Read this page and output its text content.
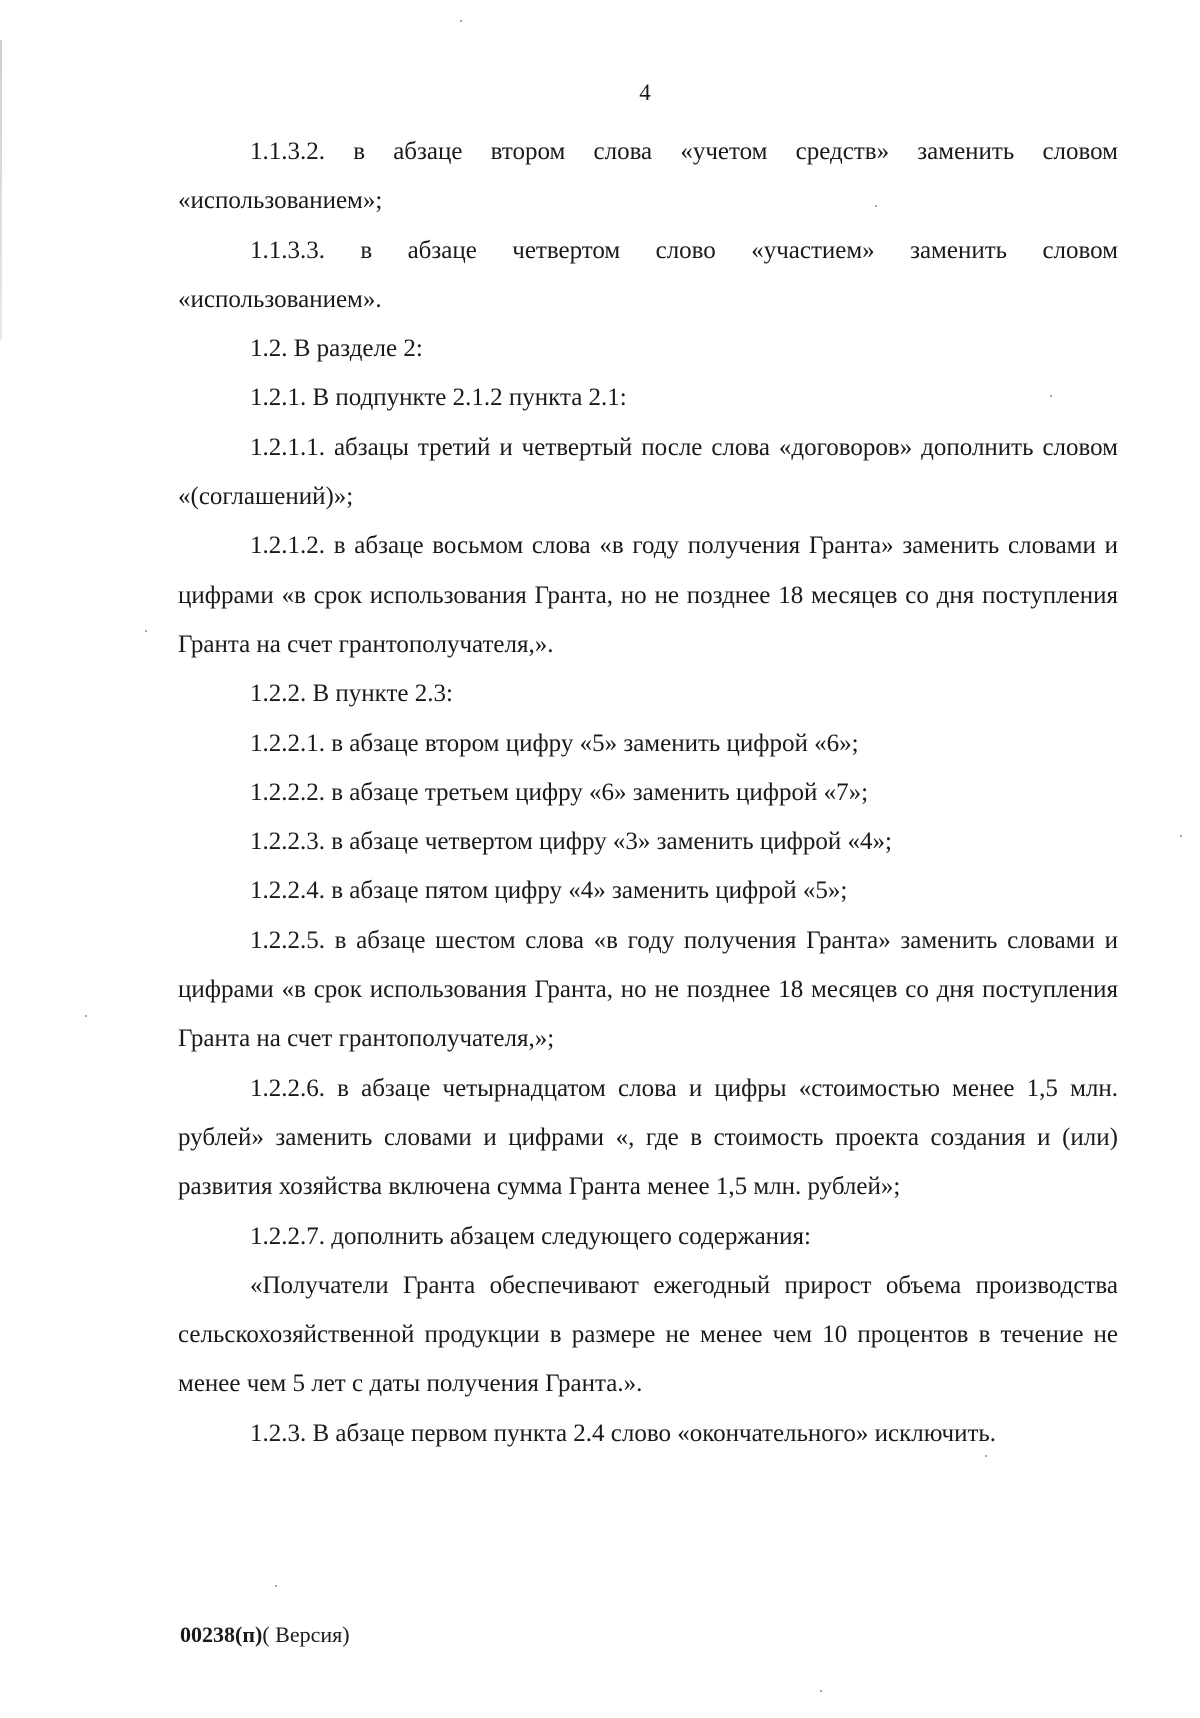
4

1.1.3.2. в абзаце втором слова «учетом средств» заменить словом «использованием»;

1.1.3.3. в абзаце четвертом слово «участием» заменить словом «использованием».

1.2. В разделе 2:

1.2.1. В подпункте 2.1.2 пункта 2.1:

1.2.1.1. абзацы третий и четвертый после слова «договоров» дополнить словом «(соглашений)»;

1.2.1.2. в абзаце восьмом слова «в году получения Гранта» заменить словами и цифрами «в срок использования Гранта, но не позднее 18 месяцев со дня поступления Гранта на счет грантополучателя,».

1.2.2. В пункте 2.3:

1.2.2.1. в абзаце втором цифру «5» заменить цифрой «6»;

1.2.2.2. в абзаце третьем цифру «6» заменить цифрой «7»;

1.2.2.3. в абзаце четвертом цифру «3» заменить цифрой «4»;

1.2.2.4. в абзаце пятом цифру «4» заменить цифрой «5»;

1.2.2.5. в абзаце шестом слова «в году получения Гранта» заменить словами и цифрами «в срок использования Гранта, но не позднее 18 месяцев со дня поступления Гранта на счет грантополучателя,»;

1.2.2.6. в абзаце четырнадцатом слова и цифры «стоимостью менее 1,5 млн. рублей» заменить словами и цифрами «, где в стоимость проекта создания и (или) развития хозяйства включена сумма Гранта менее 1,5 млн. рублей»;

1.2.2.7. дополнить абзацем следующего содержания:

«Получатели Гранта обеспечивают ежегодный прирост объема производства сельскохозяйственной продукции в размере не менее чем 10 процентов в течение не менее чем 5 лет с даты получения Гранта.».

1.2.3. В абзаце первом пункта 2.4 слово «окончательного» исключить.

00238(п)( Версия)
